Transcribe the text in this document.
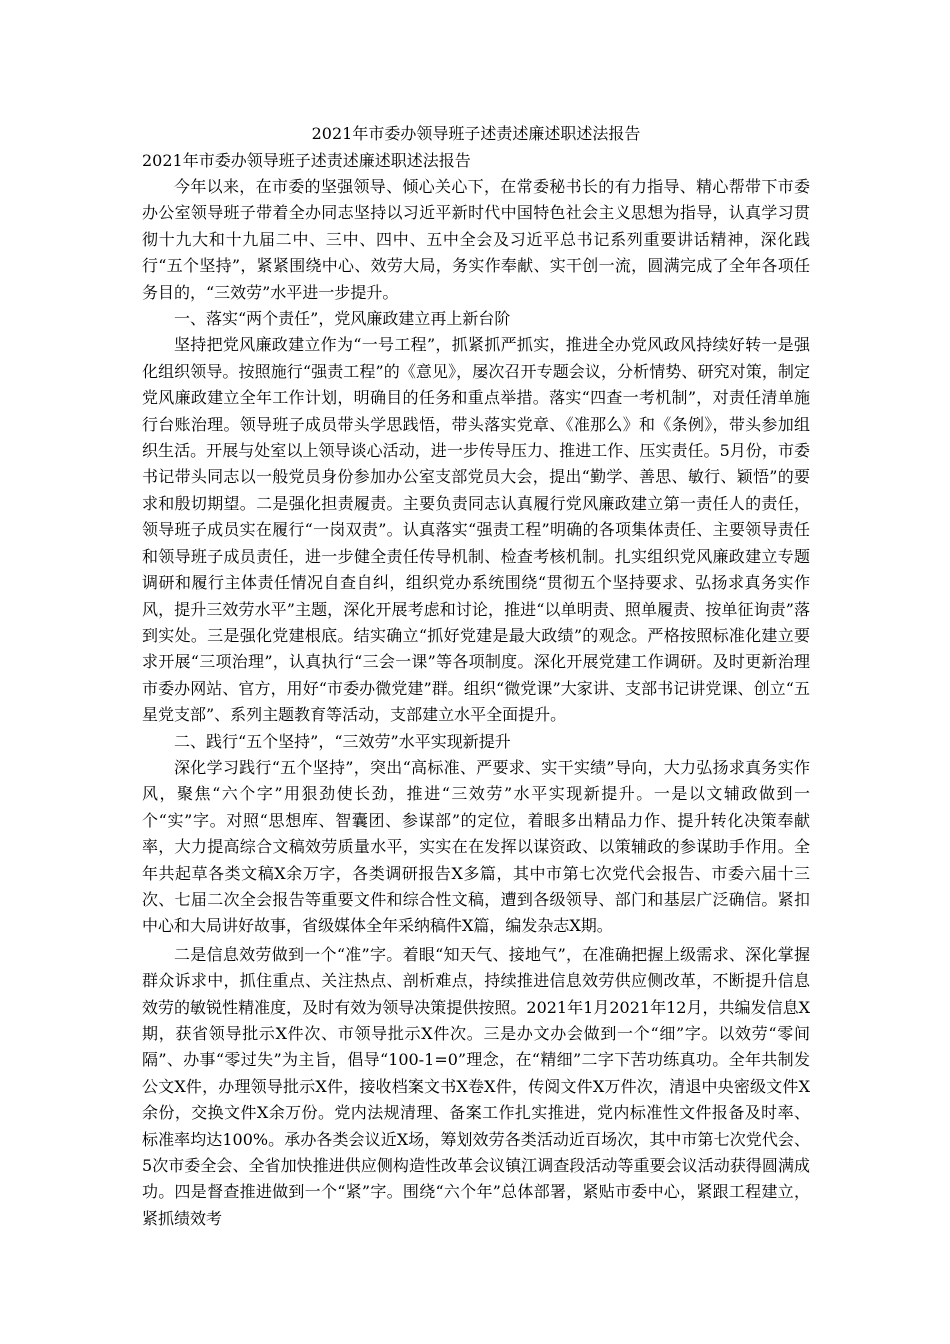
2021年市委办领导班子述责述廉述职述法报告
2021年市委办领导班子述责述廉述职述法报告

今年以来，在市委的坚强领导、倾心关心下，在常委秘书长的有力指导、精心帮带下市委办公室领导班子带着全办同志坚持以习近平新时代中国特色社会主义思想为指导，认真学习贯彻十九大和十九届二中、三中、四中、五中全会及习近平总书记系列重要讲话精神，深化践行“五个坚持”，紧紧围绕中心、效劳大局，务实作奉献、实干创一流，圆满完成了全年各项任务目的，“三效劳”水平进一步提升。

一、落实“两个责任”，党风廉政建立再上新台阶

坚持把党风廉政建立作为“一号工程”，抓紧抓严抓实，推进全办党风政风持续好转一是强化组织领导。按照施行“强责工程”的《意见》，屡次召开专题会议，分析情势、研究对策，制定党风廉政建立全年工作计划，明确目的任务和重点举措。落实“四查一考机制”，对责任清单施行台账治理。领导班子成员带头学思践悟，带头落实党章、《准那么》和《条例》，带头参加组织生活。开展与处室以上领导谈心活动，进一步传导压力、推进工作、压实责任。5月份，市委书记带头同志以一般党员身份参加办公室支部党员大会，提出“勤学、善思、敏行、颖悟”的要求和殷切期望。二是强化担责履责。主要负责同志认真履行党风廉政建立第一责任人的责任，领导班子成员实在履行“一岗双责”。认真落实“强责工程”明确的各项集体责任、主要领导责任和领导班子成员责任，进一步健全责任传导机制、检查考核机制。扎实组织党风廉政建立专题调研和履行主体责任情况自查自纠，组织党办系统围绕“贯彻五个坚持要求、弘扬求真务实作风，提升三效劳水平”主题，深化开展考虑和讨论，推进“以单明责、照单履责、按单征询责”落到实处。三是强化党建根底。结实确立“抓好党建是最大政绩”的观念。严格按照标准化建立要求开展“三项治理”，认真执行“三会一课”等各项制度。深化开展党建工作调研。及时更新治理市委办网站、官方，用好“市委办微党建”群。组织“微党课”大家讲、支部书记讲党课、创立“五星党支部”、系列主题教育等活动，支部建立水平全面提升。

二、践行“五个坚持”，“三效劳”水平实现新提升

深化学习践行“五个坚持”，突出“高标准、严要求、实干实绩”导向，大力弘扬求真务实作风，聚焦“六个字”用狠劲使长劲，推进“三效劳”水平实现新提升。一是以文辅政做到一个“实”字。对照“思想库、智囊团、参谋部”的定位，着眼多出精品力作、提升转化决策奉献率，大力提高综合文稿效劳质量水平，实实在在发挥以谋资政、以策辅政的参谋助手作用。全年共起草各类文稿X余万字，各类调研报告X多篇，其中市第七次党代会报告、市委六届十三次、七届二次全会报告等重要文件和综合性文稿，遭到各级领导、部门和基层广泛确信。紧扣中心和大局讲好故事，省级媒体全年采纳稿件X篇，编发杂志X期。

二是信息效劳做到一个“准”字。着眼“知天气、接地气”，在准确把握上级需求、深化掌握群众诉求中，抓住重点、关注热点、剖析难点，持续推进信息效劳供应侧改革，不断提升信息效劳的敏锐性精准度，及时有效为领导决策提供按照。2021年1月2021年12月，共编发信息X期，获省领导批示X件次、市领导批示X件次。三是办文办会做到一个“细”字。以效劳“零间隔”、办事“零过失”为主旨，倡导“100-1=0”理念，在“精细”二字下苦功练真功。全年共制发公文X件，办理领导批示X件，接收档案文书X卷X件，传阅文件X万件次，清退中央密级文件X余份，交换文件X余万份。党内法规清理、备案工作扎实推进，党内标准性文件报备及时率、 标准率均达100%。承办各类会议近X场，筹划效劳各类活动近百场次，其中市第七次党代会、5次市委全会、全省加快推进供应侧构造性改革会议镇江调查段活动等重要会议活动获得圆满成功。四是督查推进做到一个“紧”字。围绕“六个年”总体部署，紧贴市委中心，紧跟工程建立，紧抓绩效考
